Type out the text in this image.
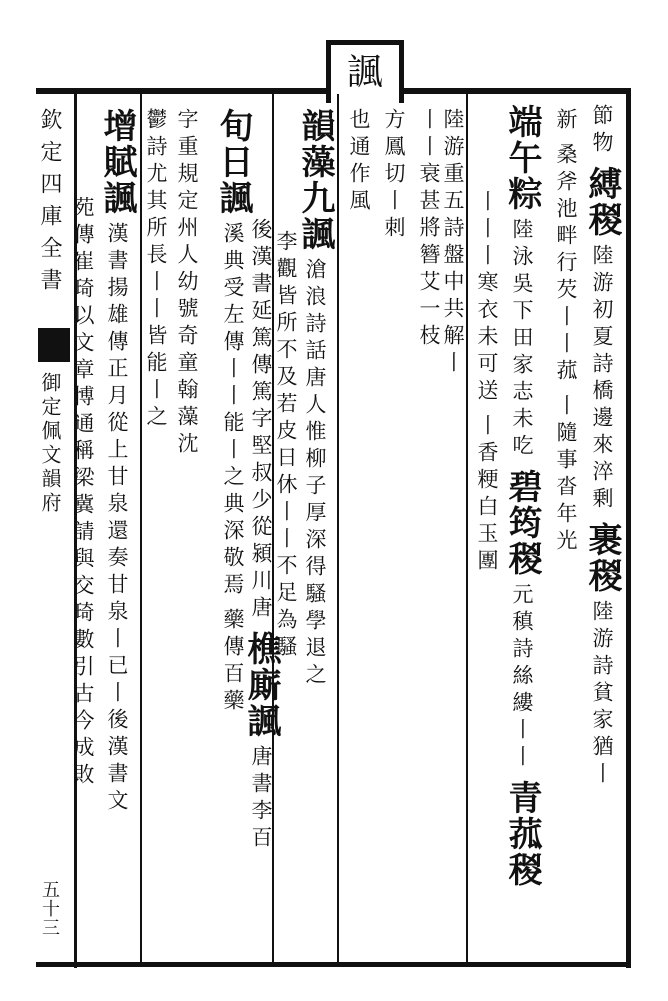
諷
欽定四庫全書
御定佩文韻府
五十三
節物縛稯陸游初夏詩橋邊來淬剰裹稯陸游詩貧家猶丨
新桑斧池畔行芡丨丨菰丨隨事沓年光
端午粽陸泳吳下田家志未吃碧筠稯元稹詩絲縷丨丨青菰稯
丨丨丨寒衣未可送丨香粳白玉團
陸游重五詩盤中共解丨
丨丨衰甚將簪艾一枝
方鳳切丨刺
也通作風
韻藻九諷滄浪詩話唐人惟柳子厚深得騷學退之
李觀皆所不及若皮日休丨丨不足為騷
後漢書延篤傳篤字堅叔少從潁川唐樵廝諷唐書李百
旬日諷溪典受左傳丨丨能丨之典深敬焉藥傳百藥
字重規定州人幼號奇童翰藻沈
鬱詩尤其所長丨丨皆能丨之
增賦諷漢書揚雄傳正月從上甘泉還奏甘泉丨已丨後漢書文
苑傳崔琦以文章博通稱梁冀請與交琦數引古今成敗
